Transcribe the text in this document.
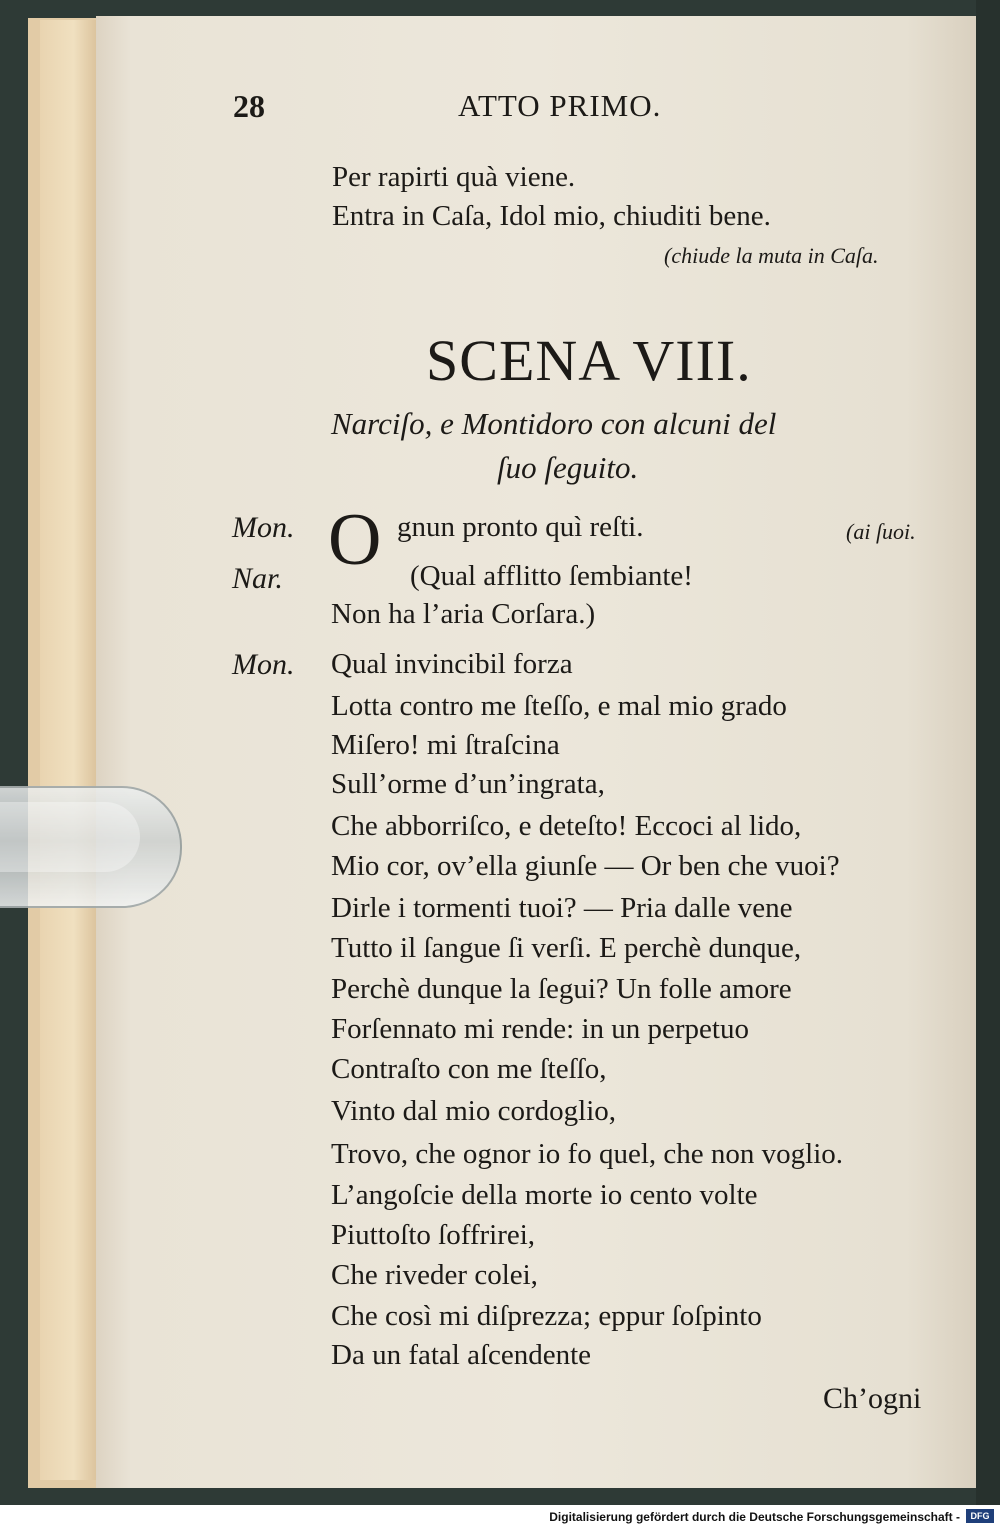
28	ATTO PRIMO.
Per rapirti quà viene.
Entra in Caſa, Idol mio, chiuditi bene.
(chiude la muta in Caſa.
SCENA VIII.
Narciſo, e Montidoro con alcuni del
ſuo ſeguito.
Mon. O gnun pronto quì reſti.	(ai ſuoi.
Nar.	(Qual afflitto ſembiante!
Non ha l’aria Corſara.)
Mon. Qual invincibil forza
Lotta contro me ſteſſo, e mal mio grado
Miſero! mi ſtraſcina
Sull’orme d’un’ingrata,
Che abborriſco, e deteſto! Eccoci al lido,
Mio cor, ov’ella giunſe — Or ben che vuoi?
Dirle i tormenti tuoi? — Pria dalle vene
Tutto il ſangue ſi verſi. E perchè dunque,
Perchè dunque la ſegui? Un folle amore
Forſennato mi rende: in un perpetuo
Contraſto con me ſteſſo,
Vinto dal mio cordoglio,
Trovo, che ognor io fo quel, che non voglio.
L’angoſcie della morte io cento volte
Piuttoſto ſoffrirei,
Che riveder colei,
Che così mi diſprezza; eppur ſoſpinto
Da un fatal aſcendente
Ch’ogni
Digitalisierung gefördert durch die Deutsche Forschungsgemeinschaft -	DFG
